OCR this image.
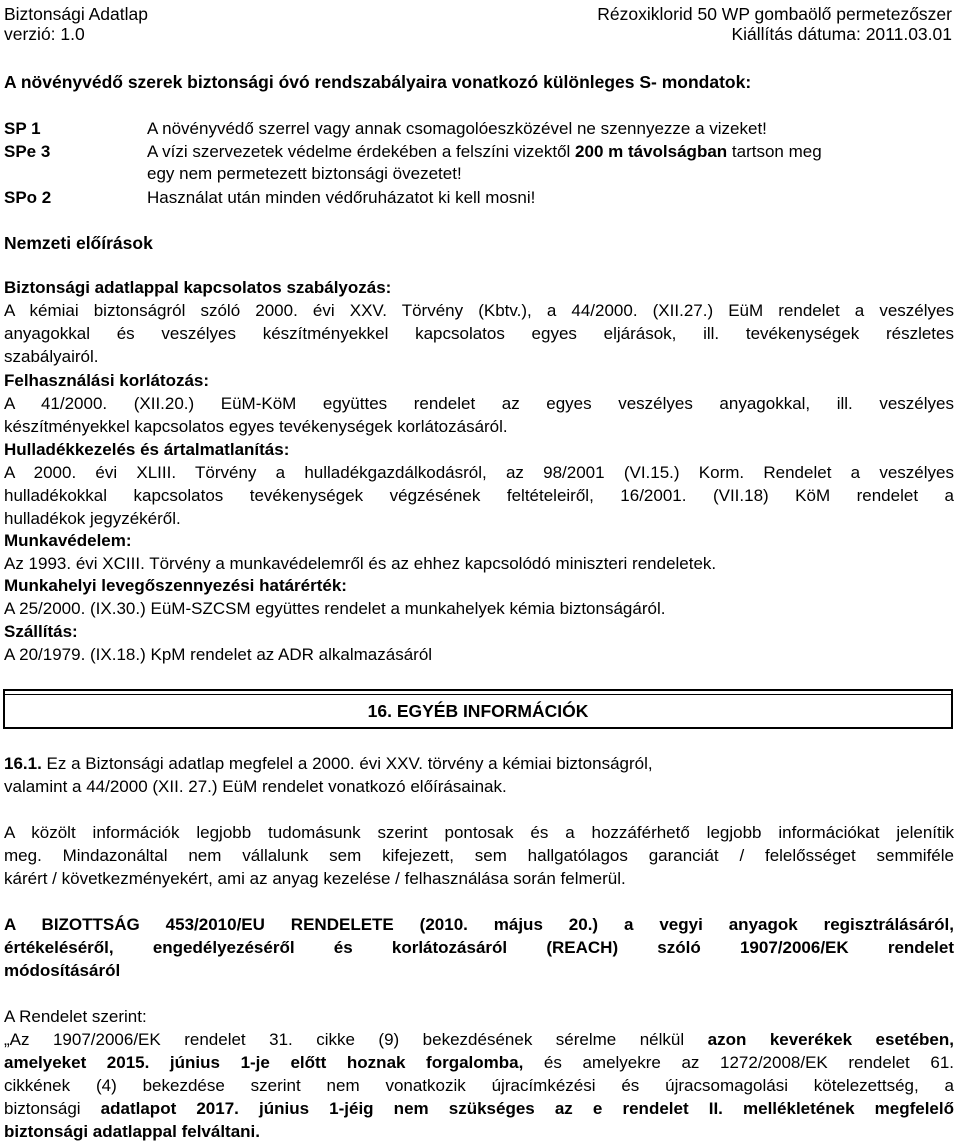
Biztonsági Adatlap
verzió: 1.0
Rézoxiklorid 50 WP gombaölő permetezőszer
Kiállítás dátuma: 2011.03.01
A növényvédő szerek biztonsági óvó rendszabályaira vonatkozó különleges S- mondatok:
SP 1	A növényvédő szerrel vagy annak csomagolóeszközével ne szennyezze a vizeket!
SPe 3	A vízi szervezetek védelme érdekében a felszíni vizektől 200 m távolságban tartson meg
egy nem permetezett biztonsági övezetet!
SPo 2	Használat után minden védőruházatot ki kell mosni!
Nemzeti előírások
Biztonsági adatlappal kapcsolatos szabályozás:
A kémiai biztonságról szóló 2000. évi XXV. Törvény (Kbtv.), a 44/2000. (XII.27.) EüM rendelet a veszélyes
anyagokkal és veszélyes készítményekkel kapcsolatos egyes eljárások, ill. tevékenységek részletes
szabályairól.
Felhasználási korlátozás:
A 41/2000. (XII.20.) EüM-KöM együttes rendelet az egyes veszélyes anyagokkal, ill. veszélyes
készítményekkel kapcsolatos egyes tevékenységek korlátozásáról.
Hulladékkezelés és ártalmatlanítás:
A 2000. évi XLIII. Törvény a hulladékgazdálkodásról, az 98/2001 (VI.15.) Korm. Rendelet a veszélyes
hulladékokkal kapcsolatos tevékenységek végzésének feltételeiről, 16/2001. (VII.18) KöM rendelet a
hulladékok jegyzékéről.
Munkavédelem:
Az 1993. évi XCIII. Törvény a munkavédelemről és az ehhez kapcsolódó miniszteri rendeletek.
Munkahelyi levegőszennyezési határérték:
A 25/2000. (IX.30.) EüM-SZCSM együttes rendelet a munkahelyek kémia biztonságáról.
Szállítás:
A 20/1979. (IX.18.) KpM rendelet az ADR alkalmazásáról
16. EGYÉB INFORMÁCIÓK
16.1. Ez a Biztonsági adatlap megfelel a 2000. évi XXV. törvény a kémiai biztonságról,
valamint a 44/2000 (XII. 27.) EüM rendelet vonatkozó előírásainak.
A közölt információk legjobb tudomásunk szerint pontosak és a hozzáférhető legjobb információkat jelenítik
meg. Mindazonáltal nem vállalunk sem kifejezett, sem hallgatólagos garanciát / felelősséget semmiféle
kárért / következményekért, ami az anyag kezelése / felhasználása során felmerül.
A BIZOTTSÁG 453/2010/EU RENDELETE (2010. május 20.) a vegyi anyagok regisztrálásáról,
értékeléséről, engedélyezéséről és korlátozásáról (REACH) szóló 1907/2006/EK rendelet
módosításáról
A Rendelet szerint:
„Az 1907/2006/EK rendelet 31. cikke (9) bekezdésének sérelme nélkül azon keverékek esetében,
amelyeket 2015. június 1-je előtt hoznak forgalomba, és amelyekre az 1272/2008/EK rendelet 61.
cikkének (4) bekezdése szerint nem vonatkozik újracímkézési és újracsomagolási kötelezettség, a
biztonsági adatlapot 2017. június 1-jéig nem szükséges az e rendelet II. mellékletének megfelelő
biztonsági adatlappal felváltani.
